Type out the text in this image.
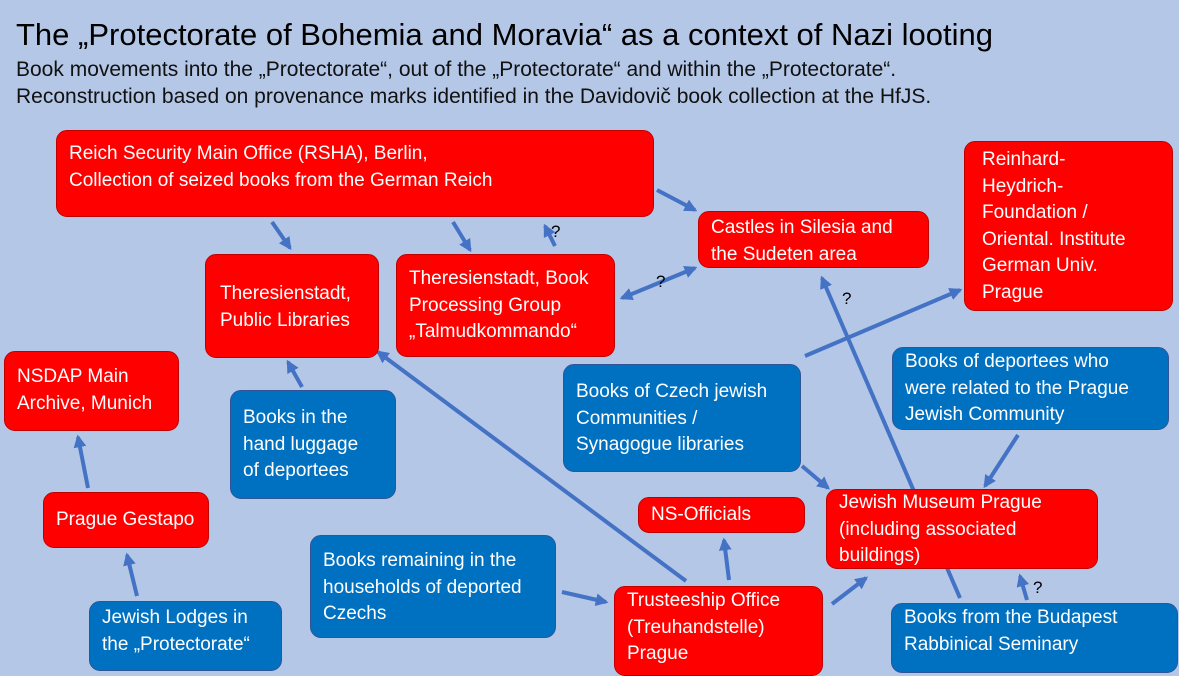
The „Protectorate of Bohemia and Moravia“ as a context of Nazi looting
Book movements into the „Protectorate“, out of the „Protectorate“ and within the „Protectorate“.
Reconstruction based on provenance marks identified in the Davidovič book collection at the HfJS.
?
?
?
?
Reich Security Main Office (RSHA), Berlin,
Collection of seized books from the German Reich
Castles in Silesia and
the Sudeten area
Reinhard-
Heydrich-
Foundation /
Oriental. Institute
German Univ.
Prague
Theresienstadt,
Public Libraries
Theresienstadt, Book
Processing Group
„Talmudkommando“
NSDAP Main
Archive, Munich
Books in the
hand luggage
of deportees
Books of Czech jewish
Communities /
Synagogue libraries
Books of deportees who
were related to the Prague
Jewish Community
Prague Gestapo	NS-Officials
Jewish Museum Prague
(including associated
buildings)
Books remaining in the
households of deported
Czechs
Jewish Lodges in
the „Protectorate“
Trusteeship Office
(Treuhandstelle)
Prague
Books from the Budapest
Rabbinical Seminary
